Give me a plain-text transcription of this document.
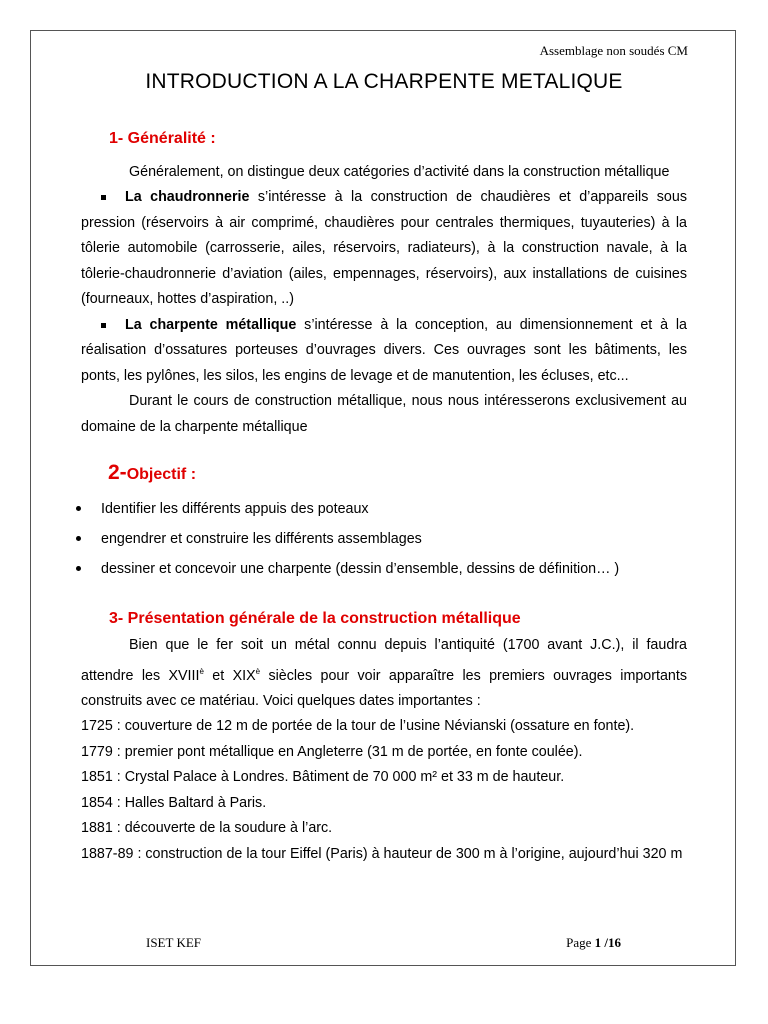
Assemblage non soudés CM
INTRODUCTION A LA CHARPENTE METALIQUE
1- Généralité :

Généralement, on distingue deux catégories d’activité dans la construction métallique

La chaudronnerie s’intéresse à la construction de chaudières et d’appareils sous pression (réservoirs à air comprimé, chaudières pour centrales thermiques, tuyauteries) à la tôlerie automobile (carrosserie, ailes, réservoirs, radiateurs), à la construction navale, à la tôlerie-chaudronnerie d’aviation (ailes, empennages, réservoirs), aux installations de cuisines (fourneaux, hottes d’aspiration, ..)

La charpente métallique s’intéresse à la conception, au dimensionnement et à la réalisation d’ossatures porteuses d’ouvrages divers. Ces ouvrages sont les bâtiments, les ponts, les pylônes, les silos, les engins de levage et de manutention, les écluses, etc...

Durant le cours de construction métallique, nous nous intéresserons exclusivement au domaine de la charpente métallique

2-Objectif :
Identifier les différents appuis des poteaux
engendrer et construire les différents assemblages
dessiner et concevoir une charpente (dessin d’ensemble, dessins de définition… )
3- Présentation générale de la construction métallique

Bien que le fer soit un métal connu depuis l’antiquité (1700 avant J.C.), il faudra attendre les $XVIII^è$ et $XIX^è$ siècles pour voir apparaître les premiers ouvrages importants construits avec ce matériau. Voici quelques dates importantes :

1725 : couverture de 12 m de portée de la tour de l’usine Névianski (ossature en fonte).

1779 : premier pont métallique en Angleterre (31 m de portée, en fonte coulée).

1851 : Crystal Palace à Londres. Bâtiment de 70 000 m² et 33 m de hauteur.

1854 : Halles Baltard à Paris.

1881 : découverte de la soudure à l’arc.

1887-89 : construction de la tour Eiffel (Paris) à hauteur de 300 m à l’origine, aujourd’hui 320 m

ISET KEF	Page 1 /16
